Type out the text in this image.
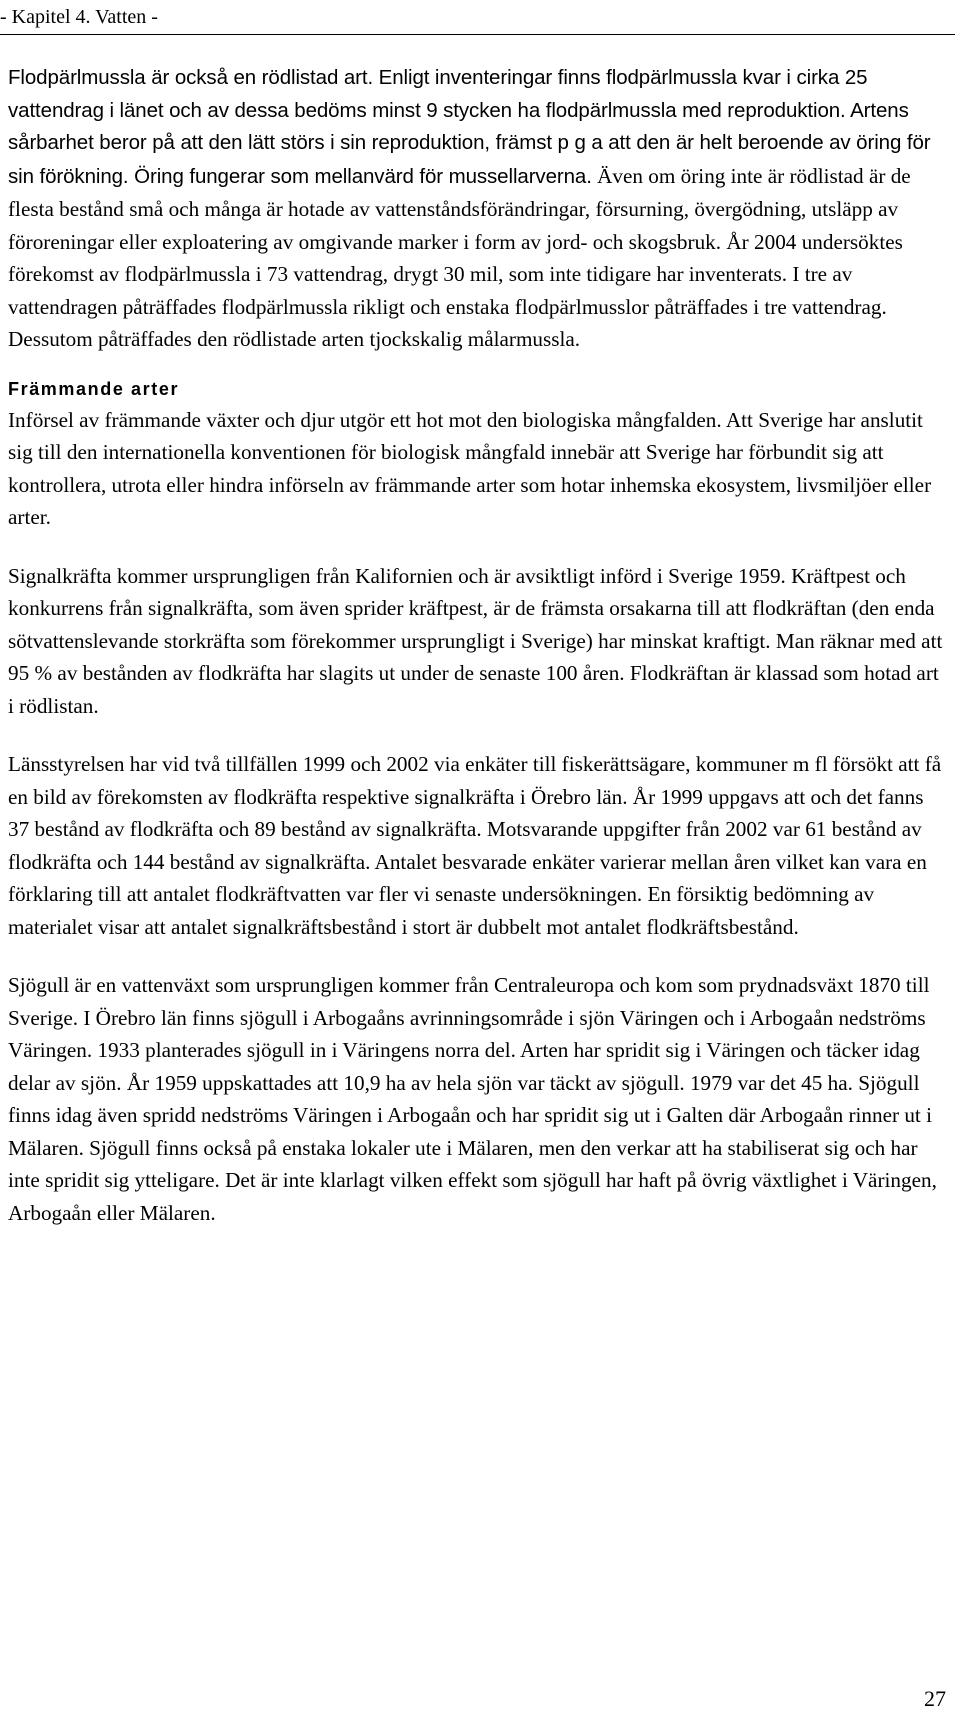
- Kapitel 4. Vatten -

Flodpärlmussla är också en rödlistad art. Enligt inventeringar finns flodpärlmussla kvar i cirka 25 vattendrag i länet och av dessa bedöms minst 9 stycken ha flodpärlmussla med reproduktion. Artens sårbarhet beror på att den lätt störs i sin reproduktion, främst p g a att den är helt beroende av öring för sin förökning. Öring fungerar som mellanvärd för mussellarverna. Även om öring inte är rödlistad är de flesta bestånd små och många är hotade av vattenståndsförändringar, försurning, övergödning, utsläpp av föroreningar eller exploatering av omgivande marker i form av jord- och skogsbruk. År 2004 undersöktes förekomst av flodpärlmussla i 73 vattendrag, drygt 30 mil, som inte tidigare har inventerats. I tre av vattendragen påträffades flodpärlmussla rikligt och enstaka flodpärlmusslor påträffades i tre vattendrag. Dessutom påträffades den rödlistade arten tjockskalig målarmussla.

Främmande arter

Införsel av främmande växter och djur utgör ett hot mot den biologiska mångfalden. Att Sverige har anslutit sig till den internationella konventionen för biologisk mångfald innebär att Sverige har förbundit sig att kontrollera, utrota eller hindra införseln av främmande arter som hotar inhemska ekosystem, livsmiljöer eller arter.

Signalkräfta kommer ursprungligen från Kalifornien och är avsiktligt införd i Sverige 1959. Kräftpest och konkurrens från signalkräfta, som även sprider kräftpest, är de främsta orsakarna till att flodkräftan (den enda sötvattenslevande storkräfta som förekommer ursprungligt i Sverige) har minskat kraftigt. Man räknar med att 95 % av bestånden av flodkräfta har slagits ut under de senaste 100 åren. Flodkräftan är klassad som hotad art i rödlistan.

Länsstyrelsen har vid två tillfällen 1999 och 2002 via enkäter till fiskerättsägare, kommuner m fl försökt att få en bild av förekomsten av flodkräfta respektive signalkräfta i Örebro län. År 1999 uppgavs att och det fanns 37 bestånd av flodkräfta och 89 bestånd av signalkräfta. Motsvarande uppgifter från 2002 var 61 bestånd av flodkräfta och 144 bestånd av signalkräfta. Antalet besvarade enkäter varierar mellan åren vilket kan vara en förklaring till att antalet flodkräftvatten var fler vi senaste undersökningen. En försiktig bedömning av materialet visar att antalet signalkräftsbestånd i stort är dubbelt mot antalet flodkräftsbestånd.

Sjögull är en vattenväxt som ursprungligen kommer från Centraleuropa och kom som prydnadsväxt 1870 till Sverige. I Örebro län finns sjögull i Arbogaåns avrinningsområde i sjön Väringen och i Arbogaån nedströms Väringen. 1933 planterades sjögull in i Väringens norra del. Arten har spridit sig i Väringen och täcker idag delar av sjön. År 1959 uppskattades att 10,9 ha av hela sjön var täckt av sjögull. 1979 var det 45 ha. Sjögull finns idag även spridd nedströms Väringen i Arbogaån och har spridit sig ut i Galten där Arbogaån rinner ut i Mälaren. Sjögull finns också på enstaka lokaler ute i Mälaren, men den verkar att ha stabiliserat sig och har inte spridit sig ytteligare. Det är inte klarlagt vilken effekt som sjögull har haft på övrig växtlighet i Väringen, Arbogaån eller Mälaren.

27
